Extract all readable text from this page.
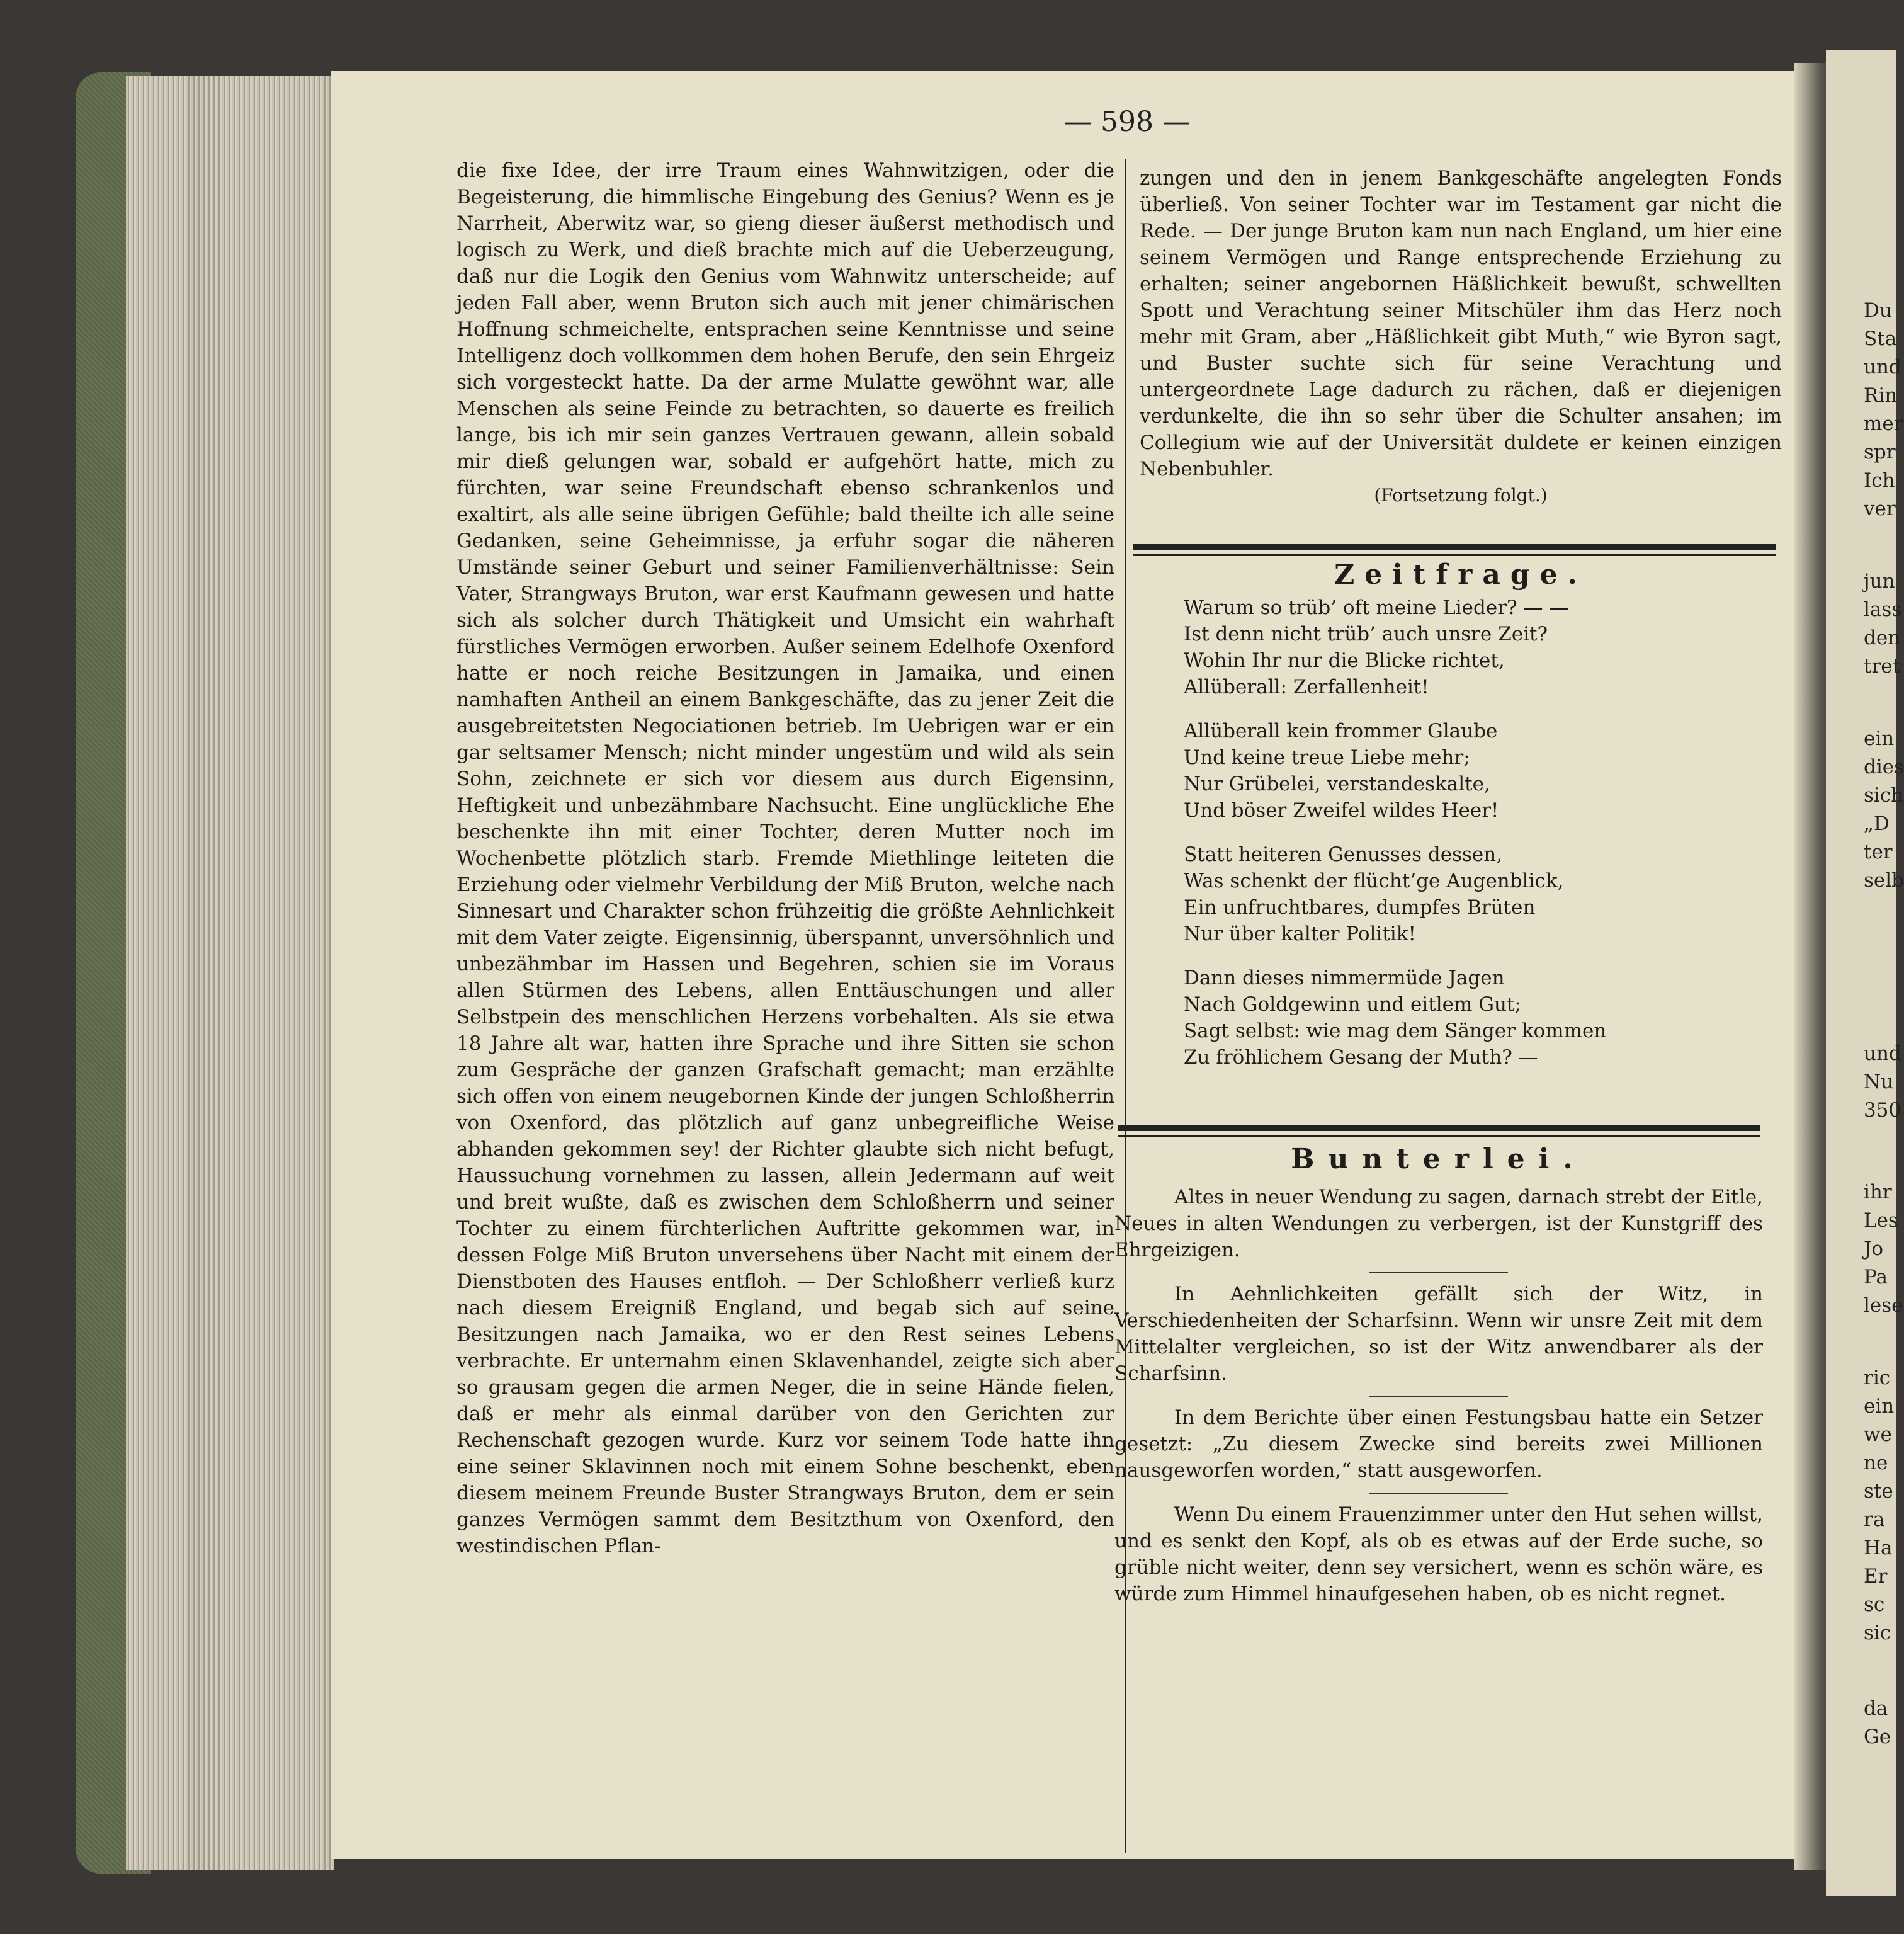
— 598 —

die fixe Idee, der irre Traum eines Wahnwitzigen, oder die Begeisterung, die himmlische Eingebung des Genius? Wenn es je Narrheit, Aberwitz war, so gieng dieser äußerst methodisch und logisch zu Werk, und dieß brachte mich auf die Ueberzeugung, daß nur die Logik den Genius vom Wahnwitz unterscheide; auf jeden Fall aber, wenn Bruton sich auch mit jener chimärischen Hoffnung schmeichelte, entsprachen seine Kenntnisse und seine Intelligenz doch vollkommen dem hohen Berufe, den sein Ehrgeiz sich vorgesteckt hatte. Da der arme Mulatte gewöhnt war, alle Menschen als seine Feinde zu betrachten, so dauerte es freilich lange, bis ich mir sein ganzes Vertrauen gewann, allein sobald mir dieß gelungen war, sobald er aufgehört hatte, mich zu fürchten, war seine Freundschaft ebenso schrankenlos und exaltirt, als alle seine übrigen Gefühle; bald theilte ich alle seine Gedanken, seine Geheimnisse, ja erfuhr sogar die näheren Umstände seiner Geburt und seiner Familienverhältnisse: Sein Vater, Strangways Bruton, war erst Kaufmann gewesen und hatte sich als solcher durch Thätigkeit und Umsicht ein wahrhaft fürstliches Vermögen erworben. Außer seinem Edelhofe Oxenford hatte er noch reiche Besitzungen in Jamaika, und einen namhaften Antheil an einem Bankgeschäfte, das zu jener Zeit die ausgebreitetsten Negociationen betrieb. Im Uebrigen war er ein gar seltsamer Mensch; nicht minder ungestüm und wild als sein Sohn, zeichnete er sich vor diesem aus durch Eigensinn, Heftigkeit und unbezähmbare Nachsucht. Eine unglückliche Ehe beschenkte ihn mit einer Tochter, deren Mutter noch im Wochenbette plötzlich starb. Fremde Miethlinge leiteten die Erziehung oder vielmehr Verbildung der Miß Bruton, welche nach Sinnesart und Charakter schon frühzeitig die größte Aehnlichkeit mit dem Vater zeigte. Eigensinnig, überspannt, unversöhnlich und unbezähmbar im Hassen und Begehren, schien sie im Voraus allen Stürmen des Lebens, allen Enttäuschungen und aller Selbstpein des menschlichen Herzens vorbehalten. Als sie etwa 18 Jahre alt war, hatten ihre Sprache und ihre Sitten sie schon zum Gespräche der ganzen Grafschaft gemacht; man erzählte sich offen von einem neugebornen Kinde der jungen Schloßherrin von Oxenford, das plötzlich auf ganz unbegreifliche Weise abhanden gekommen sey! der Richter glaubte sich nicht befugt, Haussuchung vornehmen zu lassen, allein Jedermann auf weit und breit wußte, daß es zwischen dem Schloßherrn und seiner Tochter zu einem fürchterlichen Auftritte gekommen war, in dessen Folge Miß Bruton unversehens über Nacht mit einem der Dienstboten des Hauses entfloh. — Der Schloßherr verließ kurz nach diesem Ereigniß England, und begab sich auf seine Besitzungen nach Jamaika, wo er den Rest seines Lebens verbrachte. Er unternahm einen Sklavenhandel, zeigte sich aber so grausam gegen die armen Neger, die in seine Hände fielen, daß er mehr als einmal darüber von den Gerichten zur Rechenschaft gezogen wurde. Kurz vor seinem Tode hatte ihn eine seiner Sklavinnen noch mit einem Sohne beschenkt, eben diesem meinem Freunde Buster Strangways Bruton, dem er sein ganzes Vermögen sammt dem Besitzthum von Oxenford, den westindischen Pflan-

zungen und den in jenem Bankgeschäfte angelegten Fonds überließ. Von seiner Tochter war im Testament gar nicht die Rede. — Der junge Bruton kam nun nach England, um hier eine seinem Vermögen und Range entsprechende Erziehung zu erhalten; seiner angebornen Häßlichkeit bewußt, schwellten Spott und Verachtung seiner Mitschüler ihm das Herz noch mehr mit Gram, aber „Häßlichkeit gibt Muth,“ wie Byron sagt, und Buster suchte sich für seine Verachtung und untergeordnete Lage dadurch zu rächen, daß er diejenigen verdunkelte, die ihn so sehr über die Schulter ansahen; im Collegium wie auf der Universität duldete er keinen einzigen Nebenbuhler.

(Fortsetzung folgt.)
Zeitfrage.
Warum so trüb’ oft meine Lieder? — —
Ist denn nicht trüb’ auch unsre Zeit?
Wohin Ihr nur die Blicke richtet,
Allüberall: Zerfallenheit!
Allüberall kein frommer Glaube
Und keine treue Liebe mehr;
Nur Grübelei, verstandeskalte,
Und böser Zweifel wildes Heer!
Statt heiteren Genusses dessen,
Was schenkt der flücht’ge Augenblick,
Ein unfruchtbares, dumpfes Brüten
Nur über kalter Politik!
Dann dieses nimmermüde Jagen
Nach Goldgewinn und eitlem Gut;
Sagt selbst: wie mag dem Sänger kommen
Zu fröhlichem Gesang der Muth? —
Bunterlei.

Altes in neuer Wendung zu sagen, darnach strebt der Eitle, Neues in alten Wendungen zu verbergen, ist der Kunstgriff des Ehrgeizigen.

In Aehnlichkeiten gefällt sich der Witz, in Verschiedenheiten der Scharfsinn. Wenn wir unsre Zeit mit dem Mittelalter vergleichen, so ist der Witz anwendbarer als der Scharfsinn.

In dem Berichte über einen Festungsbau hatte ein Setzer gesetzt: „Zu diesem Zwecke sind bereits zwei Millionen nausgeworfen worden,“ statt ausgeworfen.

Wenn Du einem Frauenzimmer unter den Hut sehen willst, und es senkt den Kopf, als ob es etwas auf der Erde suche, so grüble nicht weiter, denn sey versichert, wenn es schön wäre, es würde zum Himmel hinaufgesehen haben, ob es nicht regnet.

Du
Sta
und
Rin
mer
spr
Ich
ver
jun
lass
den
tret
ein
dies
sich
„D
ter
selb
und
Nu
350
ihr
Les
Jo
Pa
lese
ric
ein
we
ne
ste
ra
Ha
Er
sc
sic
da
Ge
